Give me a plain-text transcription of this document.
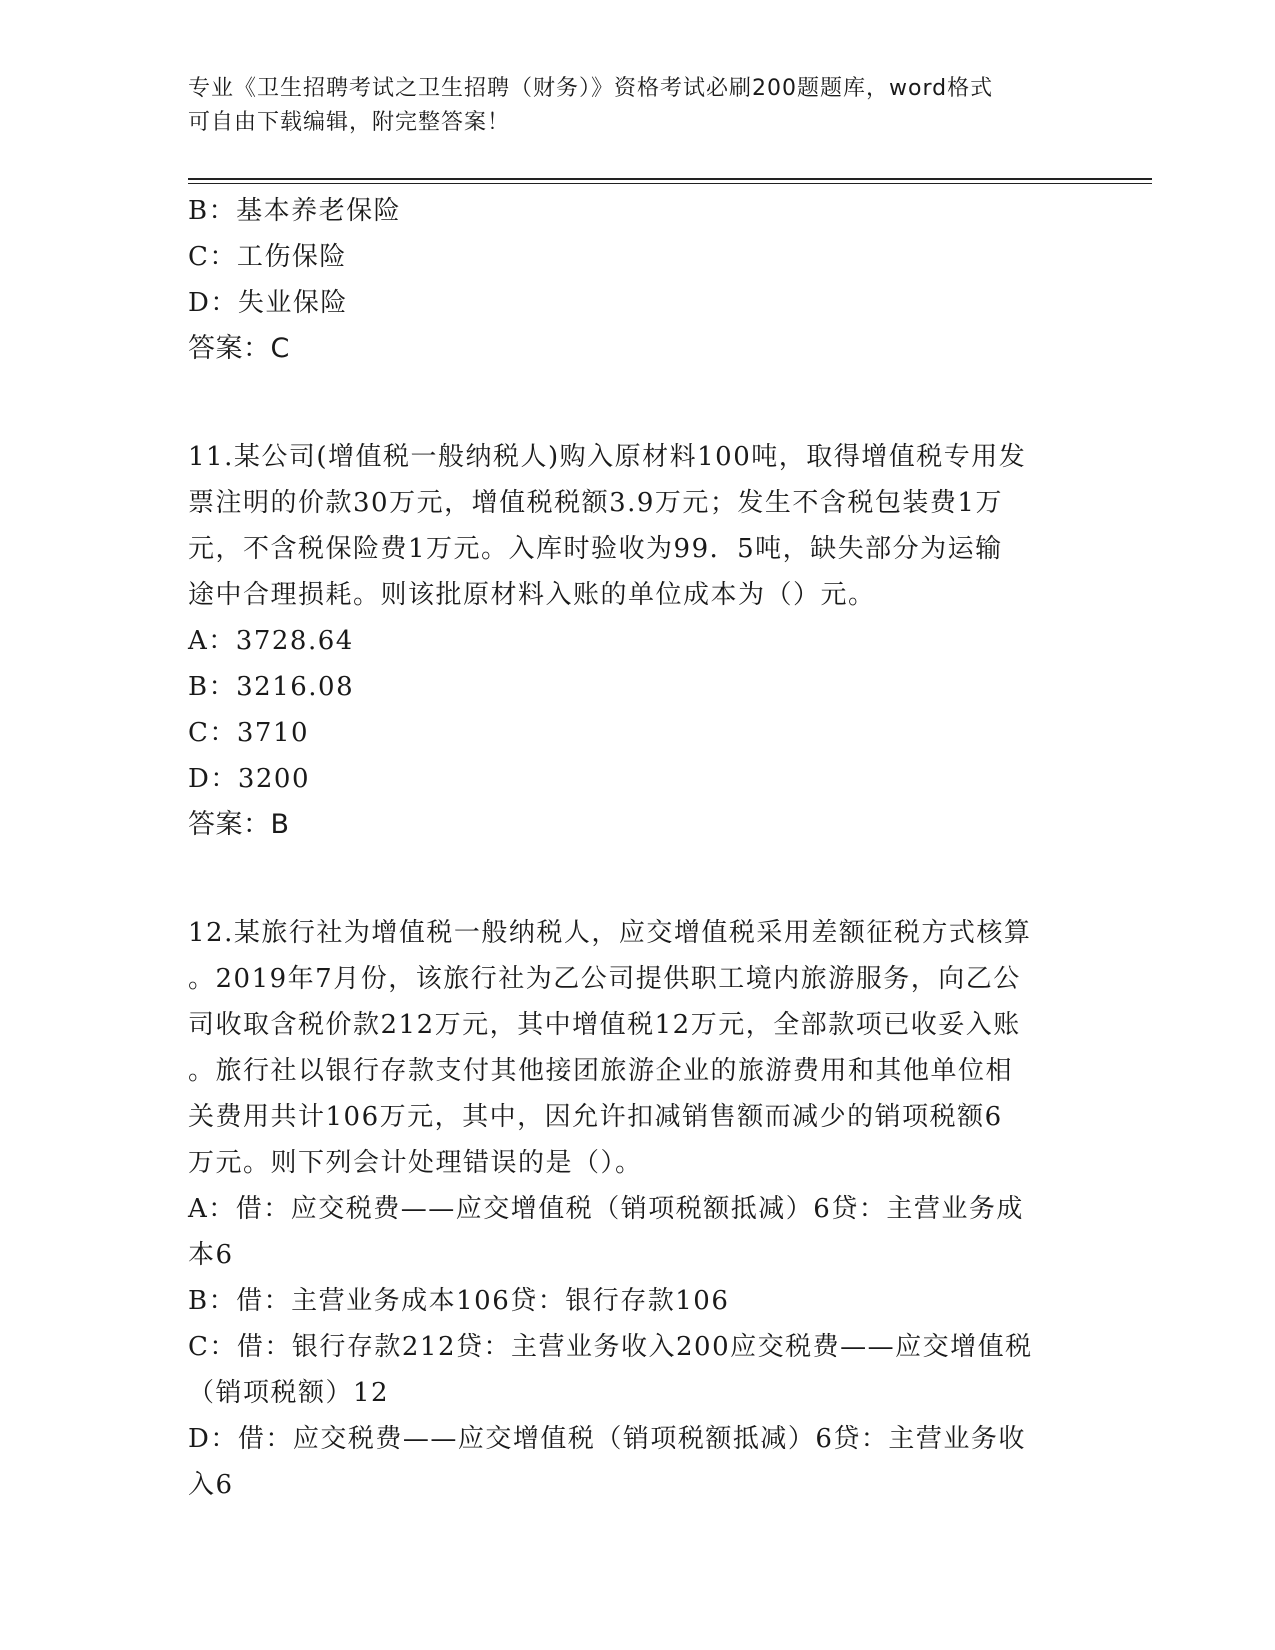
专业《卫生招聘考试之卫生招聘（财务）》资格考试必刷200题题库，word格式
可自由下载编辑，附完整答案！

B：基本养老保险

C：工伤保险

D：失业保险

答案：C

11.某公司(增值税一般纳税人)购入原材料100吨，取得增值税专用发

票注明的价款30万元，增值税税额3.9万元；发生不含税包装费1万

元，不含税保险费1万元。入库时验收为99．5吨，缺失部分为运输

途中合理损耗。则该批原材料入账的单位成本为（）元。

A：3728.64

B：3216.08

C：3710

D：3200

答案：B

12.某旅行社为增值税一般纳税人，应交增值税采用差额征税方式核算

。2019年7月份，该旅行社为乙公司提供职工境内旅游服务，向乙公

司收取含税价款212万元，其中增值税12万元，全部款项已收妥入账

。旅行社以银行存款支付其他接团旅游企业的旅游费用和其他单位相

关费用共计106万元，其中，因允许扣减销售额而减少的销项税额6

万元。则下列会计处理错误的是（）。

A：借：应交税费——应交增值税（销项税额抵减）6贷：主营业务成

本6

B：借：主营业务成本106贷：银行存款106

C：借：银行存款212贷：主营业务收入200应交税费——应交增值税

（销项税额）12

D：借：应交税费——应交增值税（销项税额抵减）6贷：主营业务收

入6
